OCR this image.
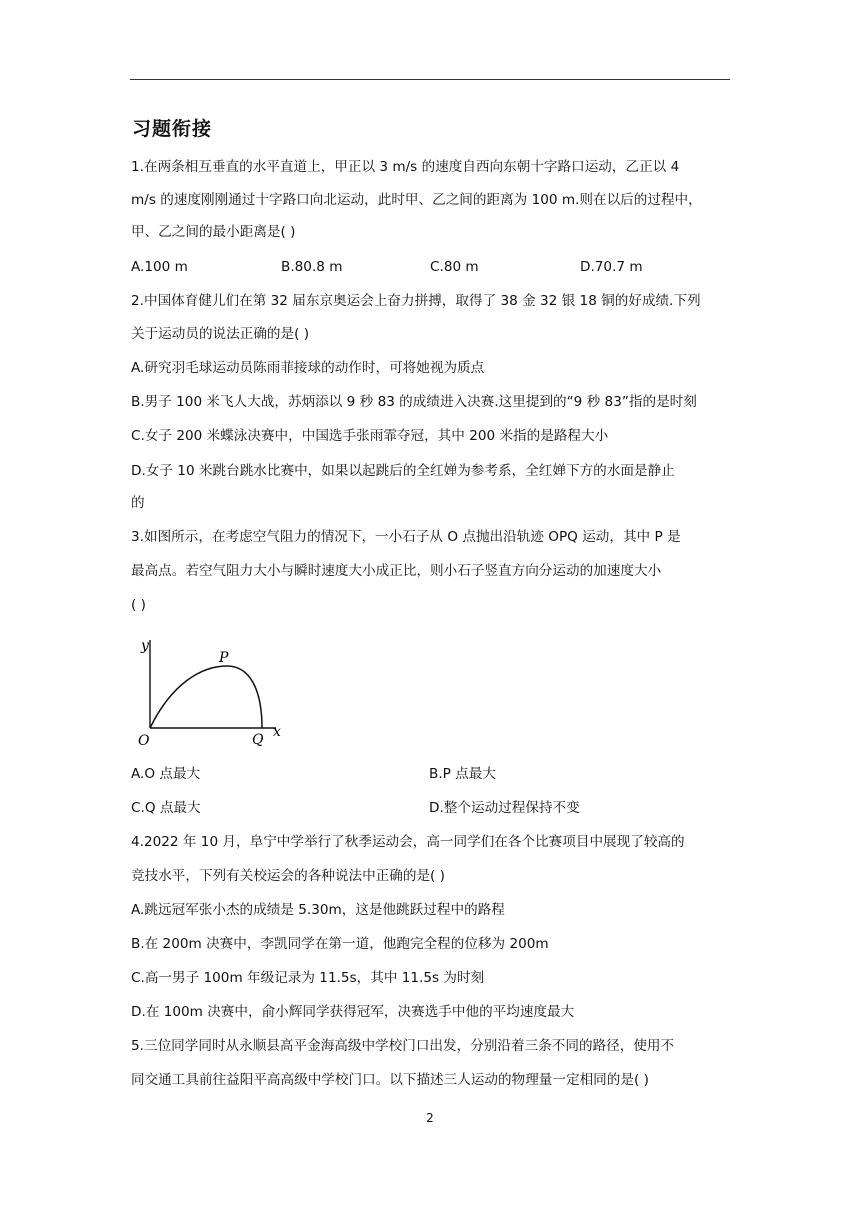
习题衔接
1.在两条相互垂直的水平直道上，甲正以 3 m/s 的速度自西向东朝十字路口运动，乙正以 4
m/s 的速度刚刚通过十字路口向北运动，此时甲、乙之间的距离为 100 m.则在以后的过程中，
甲、乙之间的最小距离是( )
A.100 m	B.80.8 m	C.80 m	D.70.7 m
2.中国体育健儿们在第 32 届东京奥运会上奋力拼搏，取得了 38 金 32 银 18 铜的好成绩.下列
关于运动员的说法正确的是( )
A.研究羽毛球运动员陈雨菲接球的动作时，可将她视为质点
B.男子 100 米飞人大战，苏炳添以 9 秒 83 的成绩进入决赛.这里提到的“9 秒 83”指的是时刻
C.女子 200 米蝶泳决赛中，中国选手张雨霏夺冠，其中 200 米指的是路程大小
D.女子 10 米跳台跳水比赛中，如果以起跳后的全红婵为参考系，全红婵下方的水面是静止
的
3.如图所示，在考虑空气阻力的情况下，一小石子从 O 点抛出沿轨迹 OPQ 运动，其中 P 是
最高点。若空气阻力大小与瞬时速度大小成正比，则小石子竖直方向分运动的加速度大小
( )
y
x
O
P
Q
A.O 点最大	B.P 点最大
C.Q 点最大	D.整个运动过程保持不变
4.2022 年 10 月，阜宁中学举行了秋季运动会，高一同学们在各个比赛项目中展现了较高的
竞技水平，下列有关校运会的各种说法中正确的是( )
A.跳远冠军张小杰的成绩是 5.30m，这是他跳跃过程中的路程
B.在 200m 决赛中，李凯同学在第一道，他跑完全程的位移为 200m
C.高一男子 100m 年级记录为 11.5s，其中 11.5s 为时刻
D.在 100m 决赛中，俞小辉同学获得冠军，决赛选手中他的平均速度最大
5.三位同学同时从永顺县高平金海高级中学校门口出发，分别沿着三条不同的路径，使用不
同交通工具前往益阳平高高级中学校门口。以下描述三人运动的物理量一定相同的是( )
2
